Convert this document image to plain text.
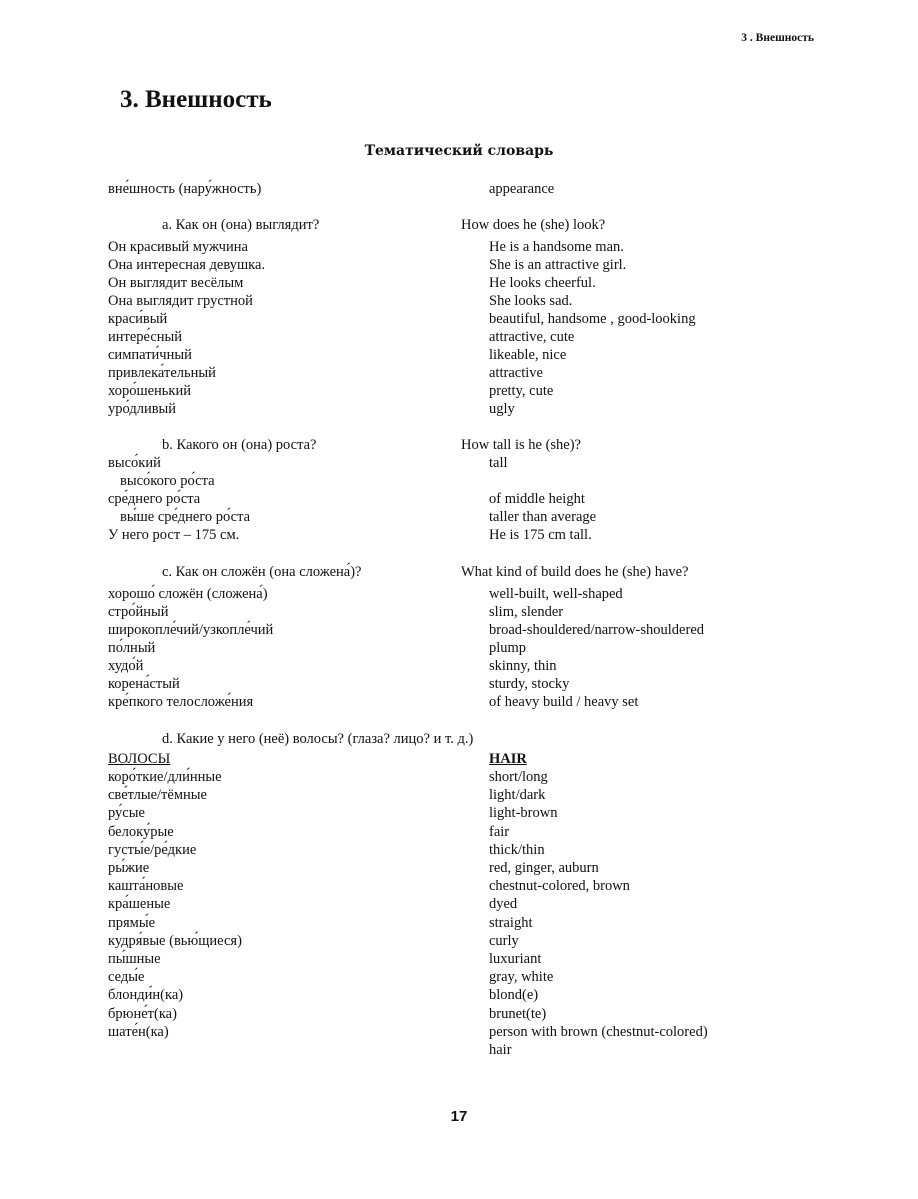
3 . Внешность
3. Внешность
Тематический словарь
вне́шность (нару́жность)	appearance
a. Как он (она) выглядит?	How does he (she) look?
Он красивый мужчина	He is a handsome man.
Она интересная девушка.	She is an attractive girl.
Он выглядит весёлым	He looks cheerful.
Она выглядит грустной	She looks sad.
краси́вый	beautiful, handsome , good-looking
интере́сный	attractive, cute
симпати́чный	likeable, nice
привлека́тельный	attractive
хоро́шенький	pretty, cute
уро́дливый	ugly
b. Какого он (она) роста?	How tall is he (she)?
высо́кий	tall
высо́кого ро́ста
сре́днего ро́ста	of middle height
вы́ше сре́днего ро́ста	taller than average
У него рост – 175 см.	He is 175 cm tall.
c. Как он сложён (она сложена́)?	What kind of build does he (she) have?
хорошо́ сложён (сложена́)	well-built, well-shaped
стро́йный	slim, slender
широкопле́чий/узкопле́чий	broad-shouldered/narrow-shouldered
по́лный	plump
худо́й	skinny, thin
корена́стый	sturdy, stocky
кре́пкого телосложе́ния	of heavy build / heavy set
d. Какие у него (неё) волосы? (глаза? лицо? и т. д.)
ВОЛОСЫ	HAIR
коро́ткие/дли́нные	short/long
све́тлые/тёмные	light/dark
ру́сые	light-brown
белоку́рые	fair
густы́е/ре́дкие	thick/thin
ры́жие	red, ginger, auburn
кашта́новые	chestnut-colored, brown
кра́шеные	dyed
прямы́е	straight
кудря́вые (вью́щиеся)	curly
пы́шные	luxuriant
седы́е	gray, white
блонди́н(ка)	blond(e)
брюне́т(ка)	brunet(te)
шате́н(ка)	person with brown (chestnut-colored)
hair
17
